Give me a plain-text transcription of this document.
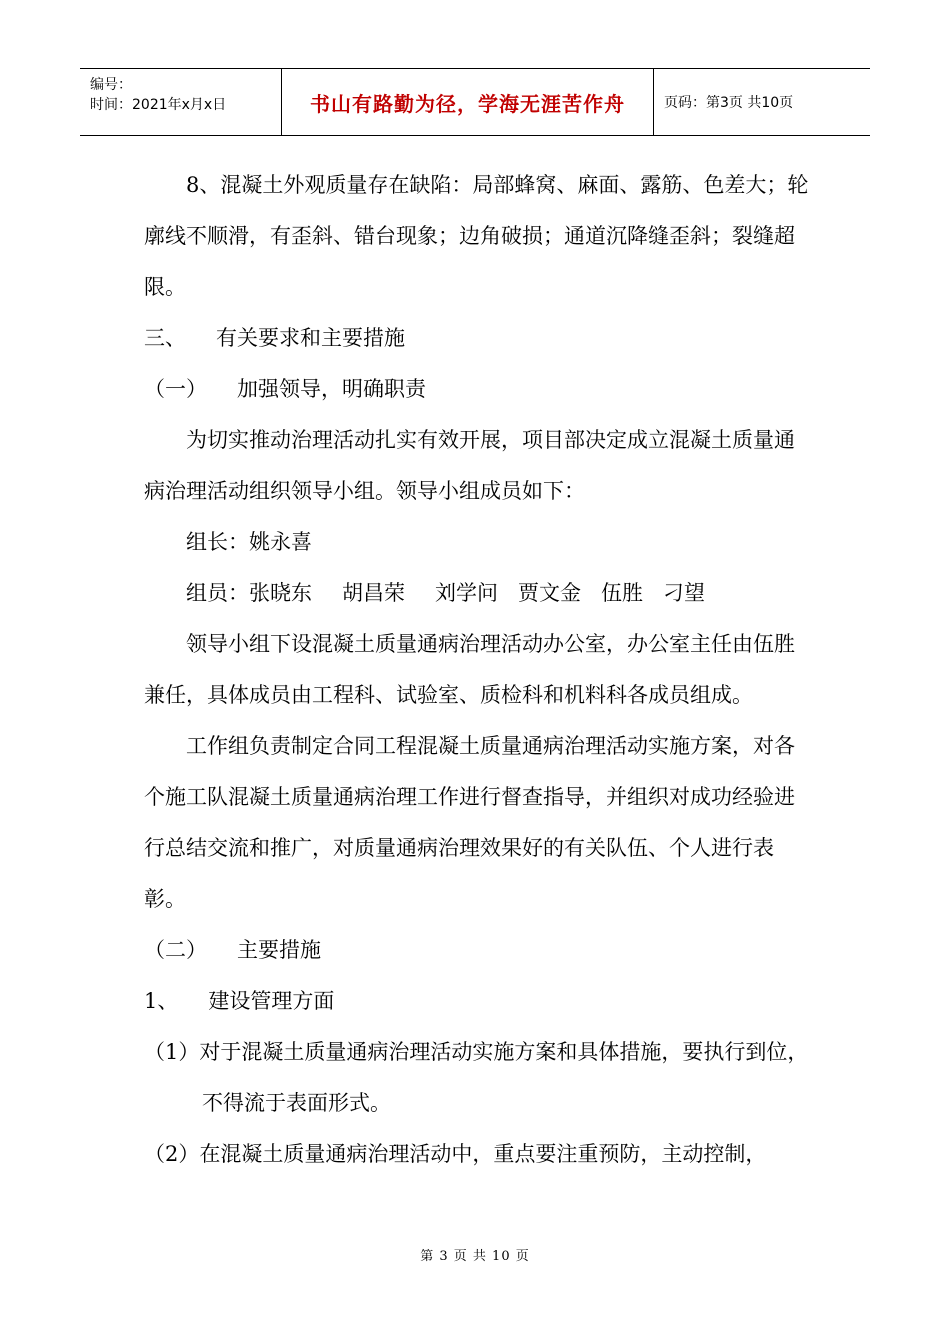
编号：
时间：2021年x月x日	书山有路勤为径，学海无涯苦作舟	页码：第3页 共10页

8、混凝土外观质量存在缺陷：局部蜂窝、麻面、露筋、色差大；轮廓线不顺滑，有歪斜、错台现象；边角破损；通道沉降缝歪斜；裂缝超限。

三、 有关要求和主要措施

（一） 加强领导，明确职责

为切实推动治理活动扎实有效开展，项目部决定成立混凝土质量通病治理活动组织领导小组。领导小组成员如下：

组长：姚永喜

组员：张晓东 胡昌荣 刘学问 贾文金 伍胜 刁望

领导小组下设混凝土质量通病治理活动办公室，办公室主任由伍胜兼任，具体成员由工程科、试验室、质检科和机料科各成员组成。

工作组负责制定合同工程混凝土质量通病治理活动实施方案，对各个施工队混凝土质量通病治理工作进行督查指导，并组织对成功经验进行总结交流和推广，对质量通病治理效果好的有关队伍、个人进行表彰。

（二） 主要措施

1、 建设管理方面

（1）对于混凝土质量通病治理活动实施方案和具体措施，要执行到位，不得流于表面形式。

（2）在混凝土质量通病治理活动中，重点要注重预防，主动控制，

第 3 页 共 10 页
